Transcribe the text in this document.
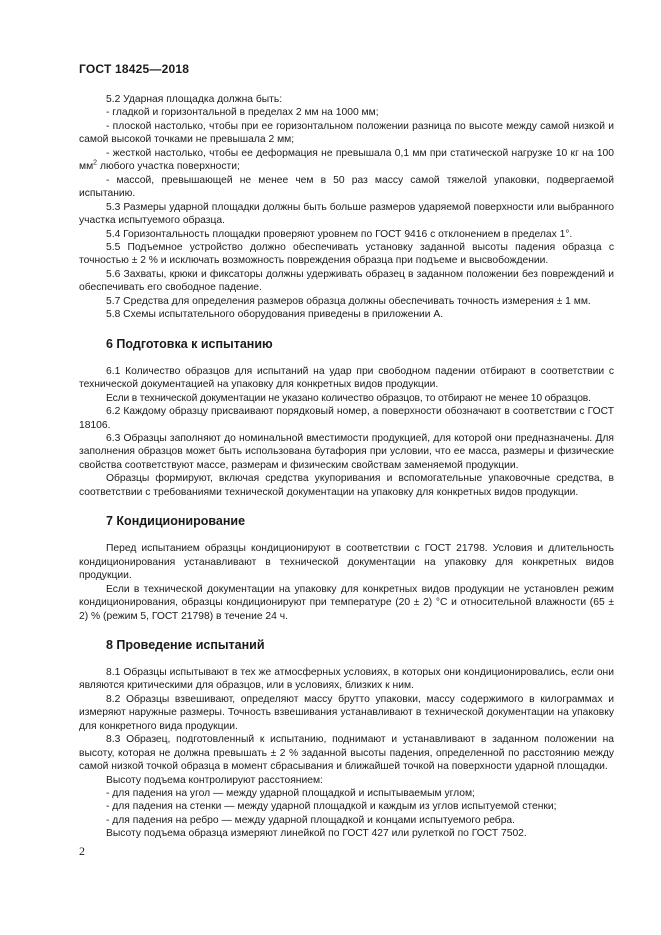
ГОСТ 18425—2018

5.2 Ударная площадка должна быть:

- гладкой и горизонтальной в пределах 2 мм на 1000 мм;

- плоской настолько, чтобы при ее горизонтальном положении разница по высоте между самой низкой и самой высокой точками не превышала 2 мм;

- жесткой настолько, чтобы ее деформация не превышала 0,1 мм при статической нагрузке 10 кг на 100 $мм^2$ любого участка поверхности;

- массой, превышающей не менее чем в 50 раз массу самой тяжелой упаковки, подвергаемой испытанию.

5.3 Размеры ударной площадки должны быть больше размеров ударяемой поверхности или выбранного участка испытуемого образца.

5.4 Горизонтальность площадки проверяют уровнем по ГОСТ 9416 с отклонением в пределах 1°.

5.5 Подъемное устройство должно обеспечивать установку заданной высоты падения образца с точностью ± 2 % и исключать возможность повреждения образца при подъеме и высвобождении.

5.6 Захваты, крюки и фиксаторы должны удерживать образец в заданном положении без повреждений и обеспечивать его свободное падение.

5.7 Средства для определения размеров образца должны обеспечивать точность измерения ± 1 мм.

5.8 Схемы испытательного оборудования приведены в приложении А.

6 Подготовка к испытанию

6.1 Количество образцов для испытаний на удар при свободном падении отбирают в соответствии с технической документацией на упаковку для конкретных видов продукции.

Если в технической документации не указано количество образцов, то отбирают не менее 10 образцов.

6.2 Каждому образцу присваивают порядковый номер, а поверхности обозначают в соответствии с ГОСТ 18106.

6.3 Образцы заполняют до номинальной вместимости продукцией, для которой они предназначены. Для заполнения образцов может быть использована бутафория при условии, что ее масса, размеры и физические свойства соответствуют массе, размерам и физическим свойствам заменяемой продукции.

Образцы формируют, включая средства укупоривания и вспомогательные упаковочные средства, в соответствии с требованиями технической документации на упаковку для конкретных видов продукции.

7 Кондиционирование

Перед испытанием образцы кондиционируют в соответствии с ГОСТ 21798. Условия и длительность кондиционирования устанавливают в технической документации на упаковку для конкретных видов продукции.

Если в технической документации на упаковку для конкретных видов продукции не установлен режим кондиционирования, образцы кондиционируют при температуре (20 ± 2) °С и относительной влажности (65 ± 2) % (режим 5, ГОСТ 21798) в течение 24 ч.

8 Проведение испытаний

8.1 Образцы испытывают в тех же атмосферных условиях, в которых они кондиционировались, если они являются критическими для образцов, или в условиях, близких к ним.

8.2 Образцы взвешивают, определяют массу брутто упаковки, массу содержимого в килограммах и измеряют наружные размеры. Точность взвешивания устанавливают в технической документации на упаковку для конкретного вида продукции.

8.3 Образец, подготовленный к испытанию, поднимают и устанавливают в заданном положении на высоту, которая не должна превышать ± 2 % заданной высоты падения, определенной по расстоянию между самой низкой точкой образца в момент сбрасывания и ближайшей точкой на поверхности ударной площадки.

Высоту подъема контролируют расстоянием:

- для падения на угол — между ударной площадкой и испытываемым углом;

- для падения на стенки — между ударной площадкой и каждым из углов испытуемой стенки;

- для падения на ребро — между ударной площадкой и концами испытуемого ребра.

Высоту подъема образца измеряют линейкой по ГОСТ 427 или рулеткой по ГОСТ 7502.

2
